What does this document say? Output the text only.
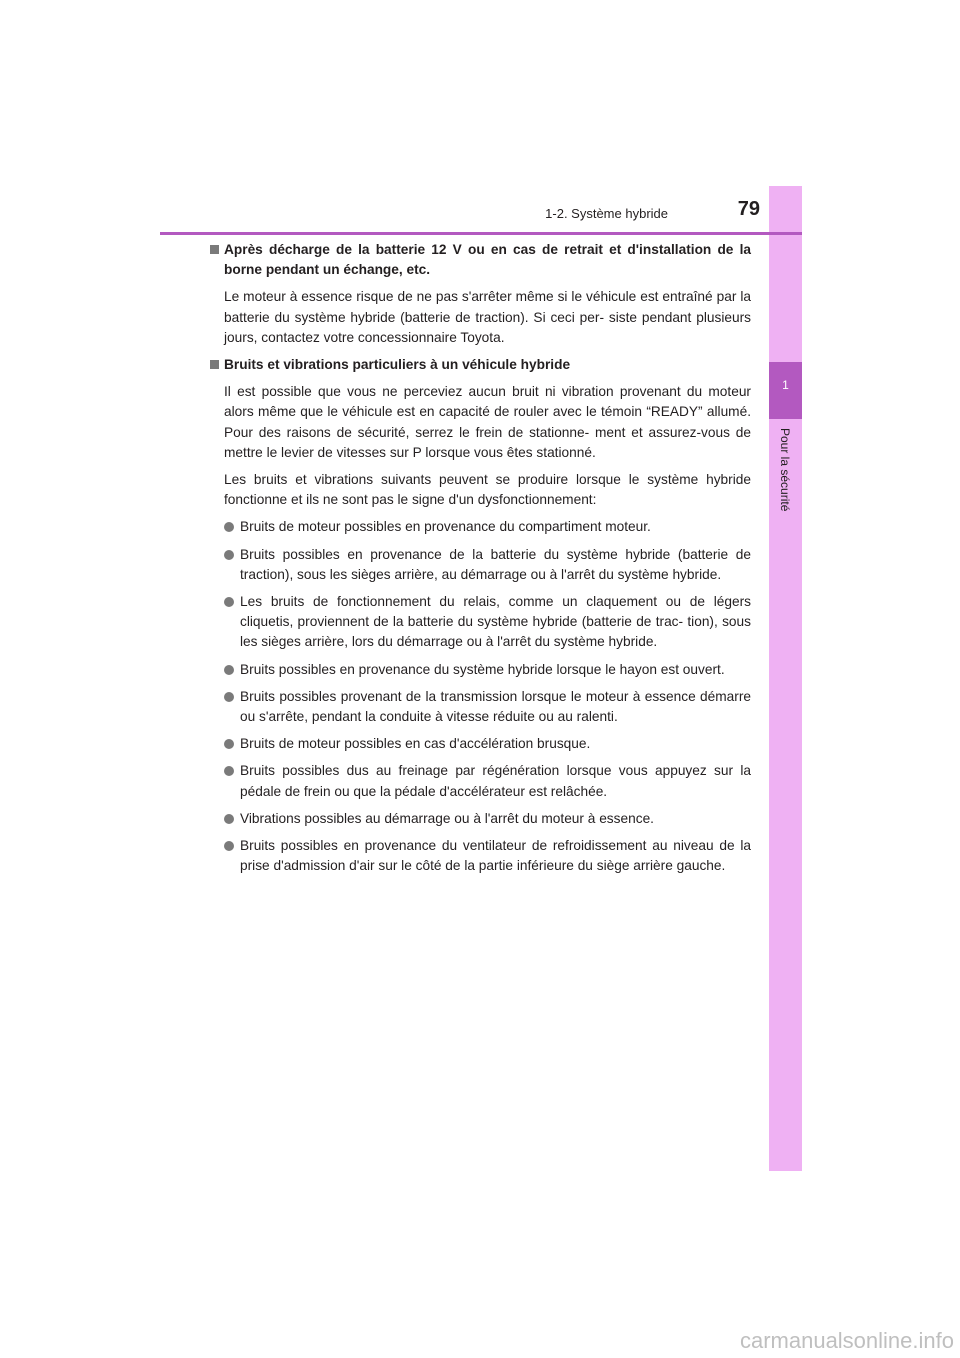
1
Pour la sécurité
1-2. Système hybride	79
Après décharge de la batterie 12 V ou en cas de retrait et d'installation de la borne pendant un échange, etc.
Le moteur à essence risque de ne pas s'arrêter même si le véhicule est entraîné par la batterie du système hybride (batterie de traction). Si ceci per- siste pendant plusieurs jours, contactez votre concessionnaire Toyota.
Bruits et vibrations particuliers à un véhicule hybride
Il est possible que vous ne perceviez aucun bruit ni vibration provenant du moteur alors même que le véhicule est en capacité de rouler avec le témoin “READY” allumé. Pour des raisons de sécurité, serrez le frein de stationne- ment et assurez-vous de mettre le levier de vitesses sur P lorsque vous êtes stationné.
Les bruits et vibrations suivants peuvent se produire lorsque le système hybride fonctionne et ils ne sont pas le signe d'un dysfonctionnement:
Bruits de moteur possibles en provenance du compartiment moteur.
Bruits possibles en provenance de la batterie du système hybride (batterie de traction), sous les sièges arrière, au démarrage ou à l'arrêt du système hybride.
Les bruits de fonctionnement du relais, comme un claquement ou de légers cliquetis, proviennent de la batterie du système hybride (batterie de trac- tion), sous les sièges arrière, lors du démarrage ou à l'arrêt du système hybride.
Bruits possibles en provenance du système hybride lorsque le hayon est ouvert.
Bruits possibles provenant de la transmission lorsque le moteur à essence démarre ou s'arrête, pendant la conduite à vitesse réduite ou au ralenti.
Bruits de moteur possibles en cas d'accélération brusque.
Bruits possibles dus au freinage par régénération lorsque vous appuyez sur la pédale de frein ou que la pédale d'accélérateur est relâchée.
Vibrations possibles au démarrage ou à l'arrêt du moteur à essence.
Bruits possibles en provenance du ventilateur de refroidissement au niveau de la prise d'admission d'air sur le côté de la partie inférieure du siège arrière gauche.
carmanualsonline.info
